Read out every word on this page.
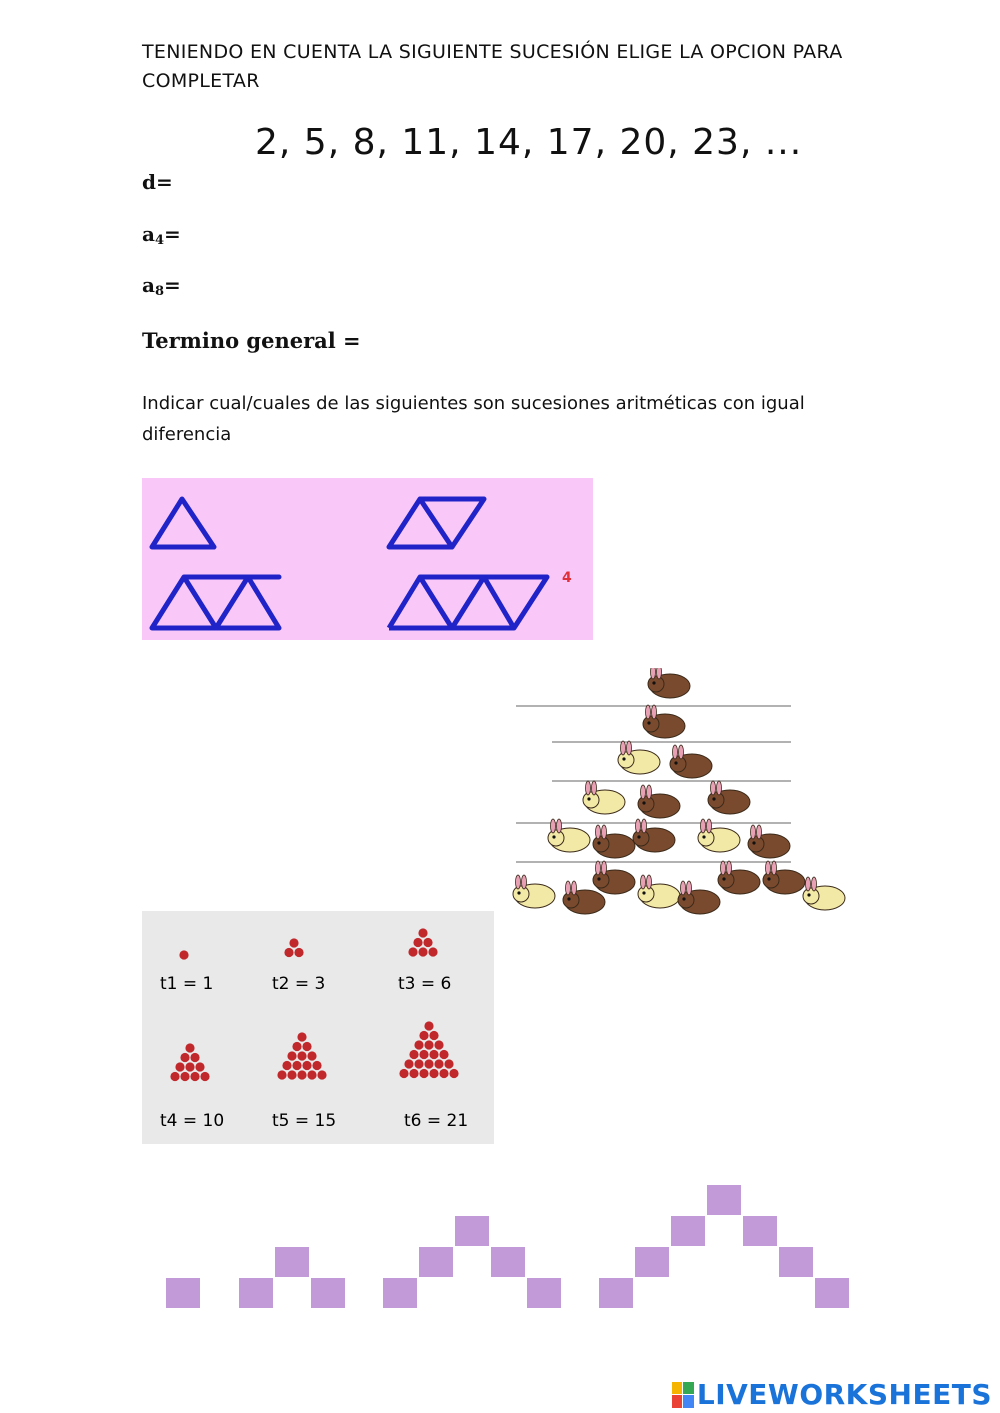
TENIENDO EN CUENTA LA SIGUIENTE SUCESIÓN ELIGE LA OPCION PARA COMPLETAR
2, 5, 8, 11, 14, 17, 20, 23, ...
d=
$a_4=$
$a_8=$
Termino general =
Indicar cual/cuales de las siguientes son sucesiones aritméticas con igual diferencia
4
t1 = 1	t2 = 3	t3 = 6
t4 = 10	t5 = 15	t6 = 21
LIVEWORKSHEETS
